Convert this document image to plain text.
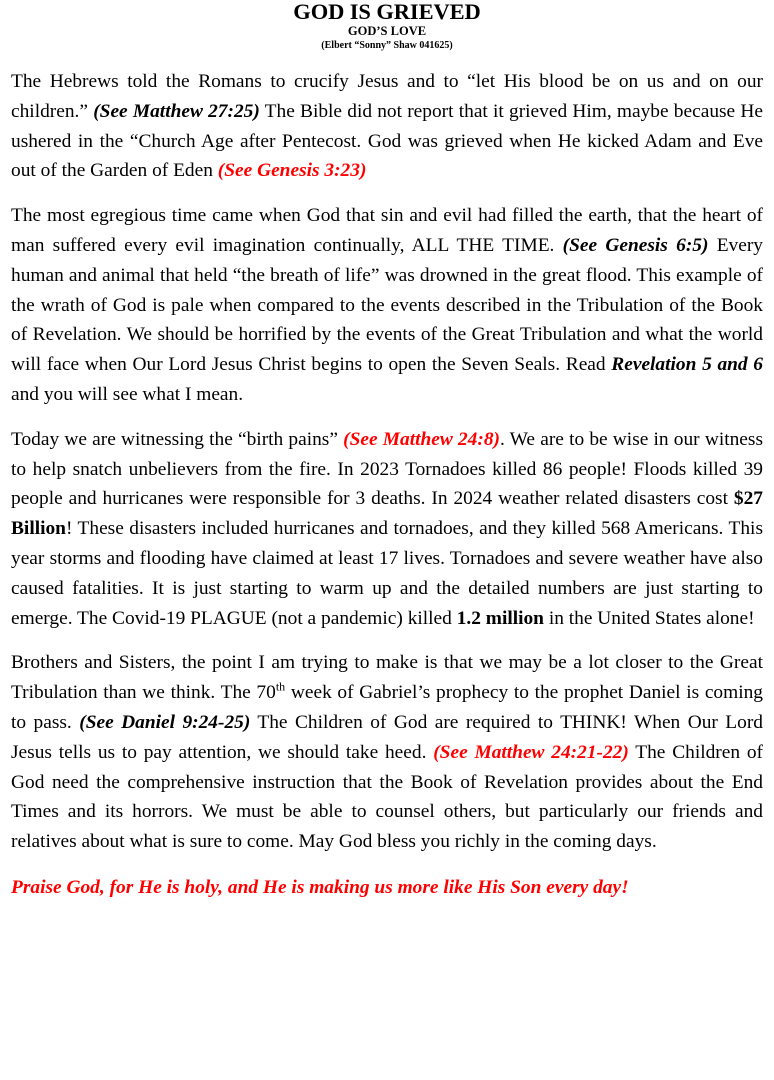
GOD IS GRIEVED
GOD’S LOVE
(Elbert “Sonny” Shaw 041625)

The Hebrews told the Romans to crucify Jesus and to “let His blood be on us and on our children.” (See Matthew 27:25) The Bible did not report that it grieved Him, maybe because He ushered in the “Church Age after Pentecost. God was grieved when He kicked Adam and Eve out of the Garden of Eden (See Genesis 3:23)

The most egregious time came when God that sin and evil had filled the earth, that the heart of man suffered every evil imagination continually, ALL THE TIME. (See Genesis 6:5) Every human and animal that held “the breath of life” was drowned in the great flood. This example of the wrath of God is pale when compared to the events described in the Tribulation of the Book of Revelation. We should be horrified by the events of the Great Tribulation and what the world will face when Our Lord Jesus Christ begins to open the Seven Seals. Read Revelation 5 and 6 and you will see what I mean.

Today we are witnessing the “birth pains” (See Matthew 24:8). We are to be wise in our witness to help snatch unbelievers from the fire. In 2023 Tornadoes killed 86 people! Floods killed 39 people and hurricanes were responsible for 3 deaths. In 2024 weather related disasters cost $27 Billion! These disasters included hurricanes and tornadoes, and they killed 568 Americans. This year storms and flooding have claimed at least 17 lives. Tornadoes and severe weather have also caused fatalities. It is just starting to warm up and the detailed numbers are just starting to emerge. The Covid-19 PLAGUE (not a pandemic) killed 1.2 million in the United States alone!

Brothers and Sisters, the point I am trying to make is that we may be a lot closer to the Great Tribulation than we think. The 70th week of Gabriel’s prophecy to the prophet Daniel is coming to pass. (See Daniel 9:24-25) The Children of God are required to THINK! When Our Lord Jesus tells us to pay attention, we should take heed. (See Matthew 24:21-22) The Children of God need the comprehensive instruction that the Book of Revelation provides about the End Times and its horrors. We must be able to counsel others, but particularly our friends and relatives about what is sure to come. May God bless you richly in the coming days.

Praise God, for He is holy, and He is making us more like His Son every day!
